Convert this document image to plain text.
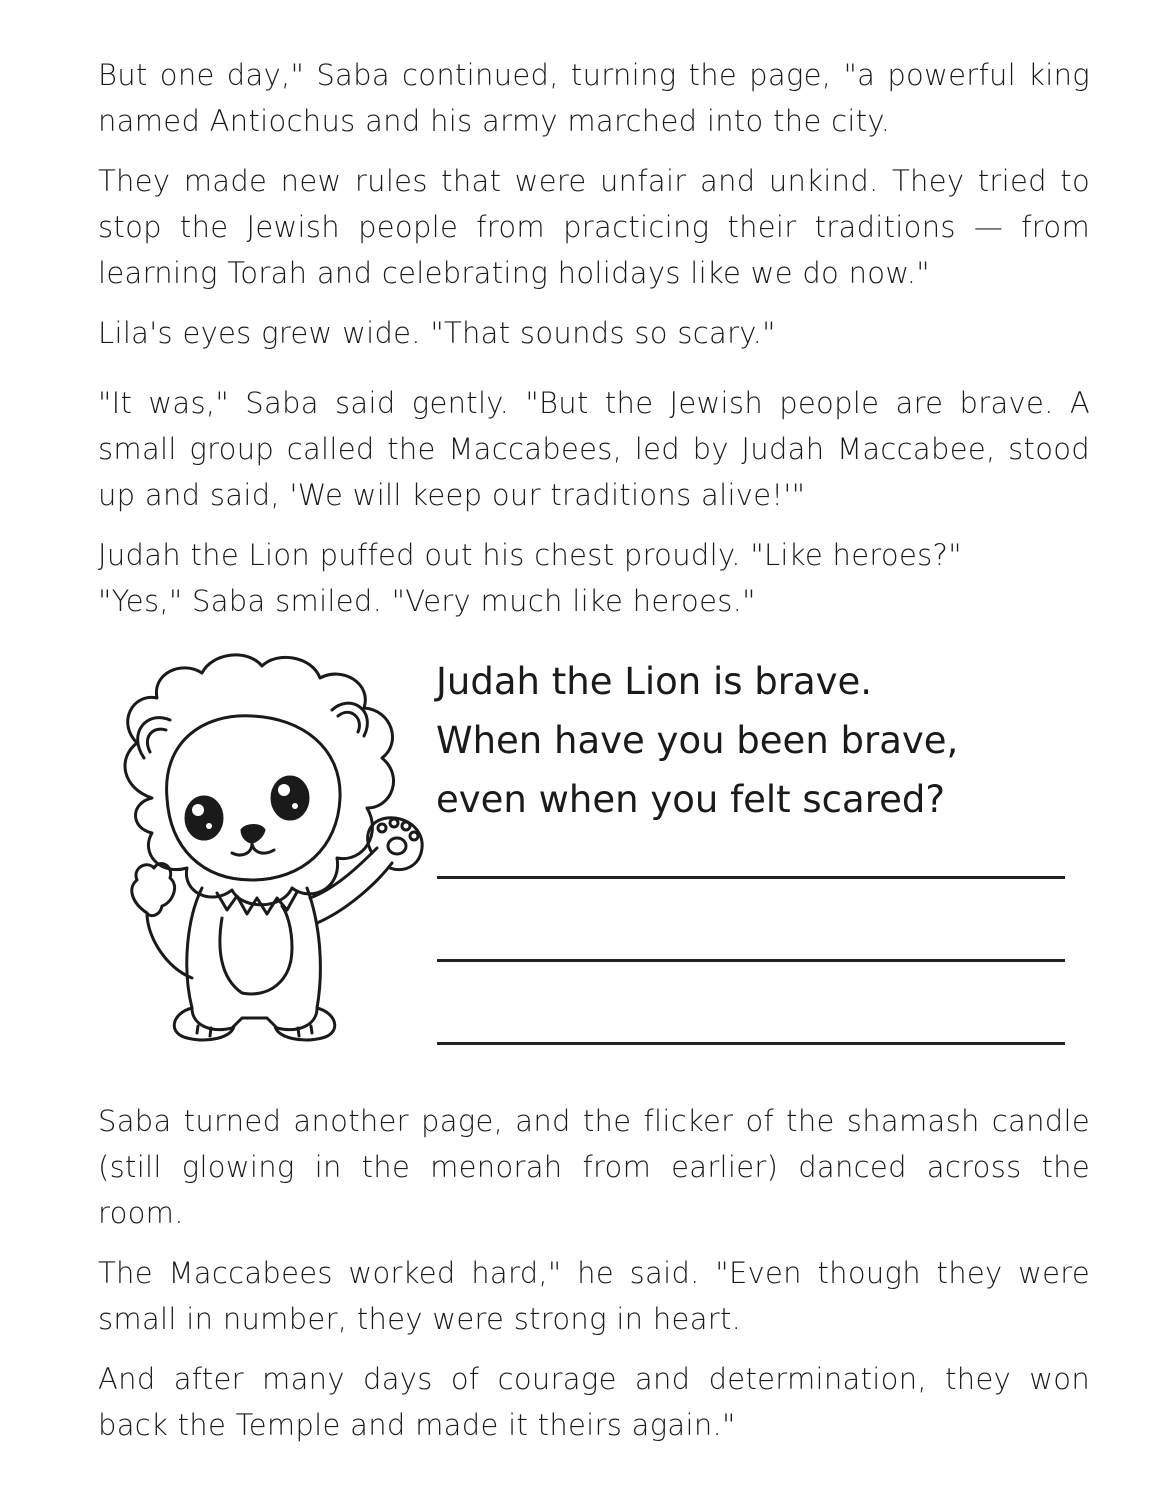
But one day," Saba continued, turning the page, "a powerful king named Antiochus and his army marched into the city.

They made new rules that were unfair and unkind. They tried to stop the Jewish people from practicing their traditions — from learning Torah and celebrating holidays like we do now."

Lila's eyes grew wide. "That sounds so scary."

"It was," Saba said gently. "But the Jewish people are brave. A small group called the Maccabees, led by Judah Maccabee, stood up and said, 'We will keep our traditions alive!'"

Judah the Lion puffed out his chest proudly. "Like heroes?"
"Yes," Saba smiled. "Very much like heroes."

Judah the Lion is brave.
When have you been brave,
even when you felt scared?

Saba turned another page, and the flicker of the shamash candle (still glowing in the menorah from earlier) danced across the room.

The Maccabees worked hard," he said. "Even though they were small in number, they were strong in heart.

And after many days of courage and determination, they won back the Temple and made it theirs again."
